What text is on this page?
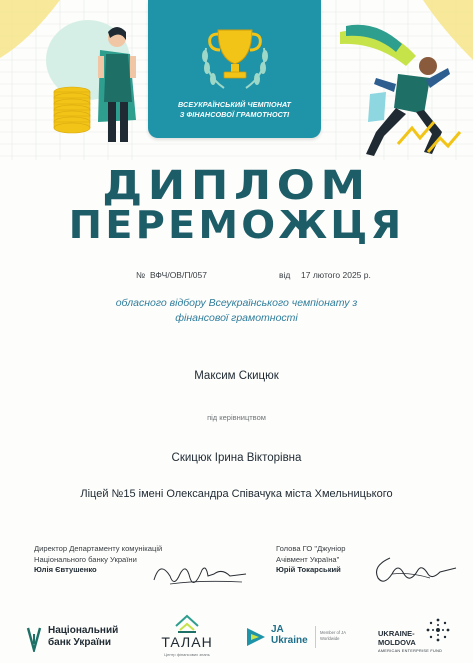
ВСЕУКРАЇНСЬКИЙ ЧЕМПІОНАТ
З ФІНАНСОВОЇ ГРАМОТНОСТІ
ДИПЛОМ
ПЕРЕМОЖЦЯ
№ ВФЧ/ОВ/П/057	від 17 лютого 2025 р.
обласного відбору Всеукраїнського чемпіонату з
фінансової грамотності
Максим Скицюк
під керівництвом
Скицюк Ірина Вікторівна
Ліцей №15 імені Олександра Співачука міста Хмельницького
Директор Департаменту комунікацій
Національного банку України
Юлія Євтушенко
Голова ГО "Джуніор
Ачівмент Україна"
Юрій Токарський
Національний
банк України	ТАЛАН
Центр фінансових знань
JA
Ukraine
Member of JA Worldwide
UKRAINE-
MOLDOVA
AMERICAN ENTERPRISE FUND
